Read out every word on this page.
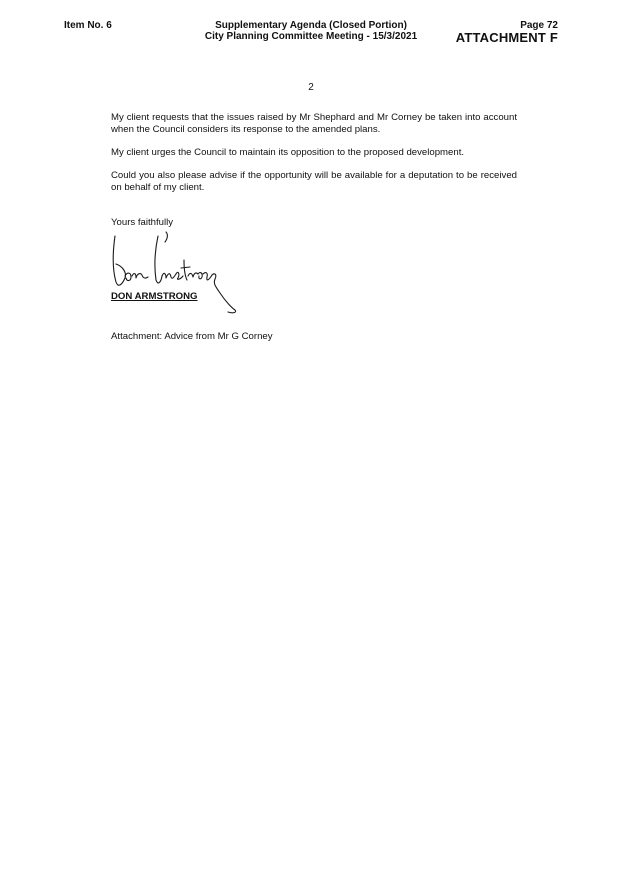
Item No. 6	Supplementary Agenda (Closed Portion)
City Planning Committee Meeting - 15/3/2021
Page 72
ATTACHMENT F
2

My client requests that the issues raised by Mr Shephard and Mr Corney be taken into account when the Council considers its response to the amended plans.

My client urges the Council to maintain its opposition to the proposed development.

Could you also please advise if the opportunity will be available for a deputation to be received on behalf of my client.

Yours faithfully
DON ARMSTRONG
Attachment: Advice from Mr G Corney
